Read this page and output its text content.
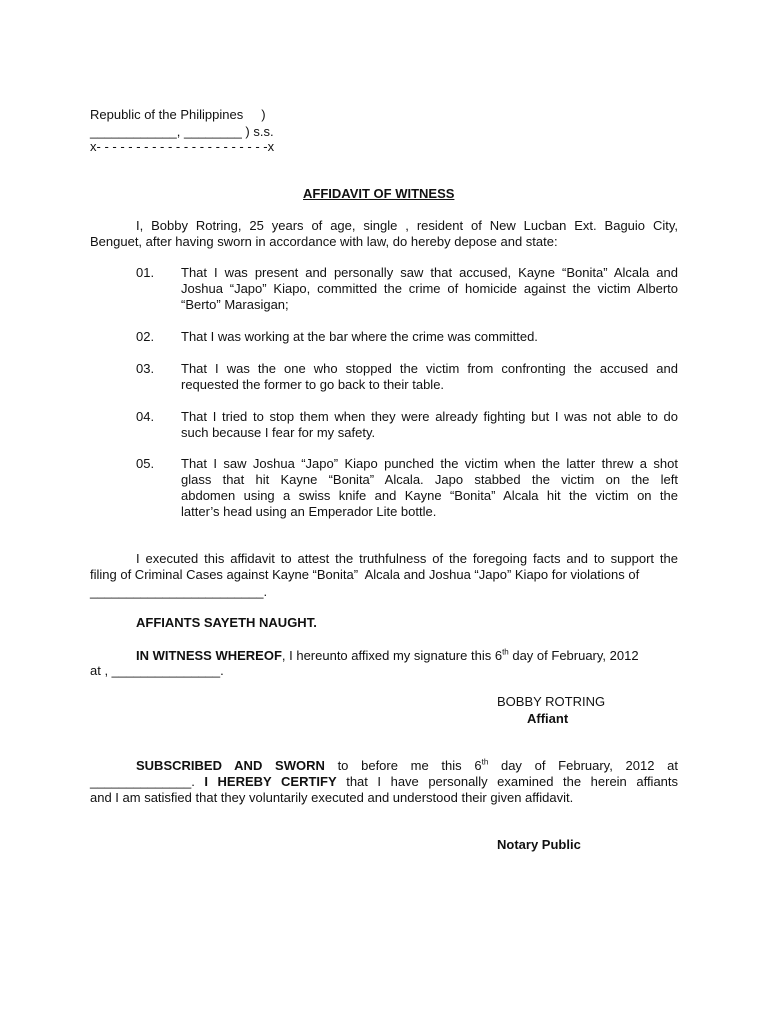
Republic of the Philippines     )
____________, ________ ) s.s.
x- - - - - - - - - - - - - - - - - - - - - -x
AFFIDAVIT OF WITNESS
I, Bobby Rotring, 25 years of age, single , resident of New Lucban Ext. Baguio City,
Benguet, after having sworn in accordance with law, do hereby depose and state:
01. That I was present and personally saw that accused, Kayne “Bonita” Alcala and
Joshua “Japo” Kiapo, committed the crime of homicide against the victim Alberto
“Berto” Marasigan;
02. That I was working at the bar where the crime was committed.
03. That I was the one who stopped the victim from confronting the accused and
requested the former to go back to their table.
04. That I tried to stop them when they were already fighting but I was not able to do
such because I fear for my safety.
05. That I saw Joshua “Japo” Kiapo punched the victim when the latter threw a shot
glass that hit Kayne “Bonita” Alcala. Japo stabbed the victim on the left
abdomen using a swiss knife and Kayne “Bonita” Alcala hit the victim on the
latter’s head using an Emperador Lite bottle.
I executed this affidavit to attest the truthfulness of the foregoing facts and to support the
filing of Criminal Cases against Kayne “Bonita”  Alcala and Joshua “Japo” Kiapo for violations of
________________________.
AFFIANTS SAYETH NAUGHT.
IN WITNESS WHEREOF, I hereunto affixed my signature this 6th day of February, 2012
at , _______________.
BOBBY ROTRING
Affiant
SUBSCRIBED AND SWORN to before me this 6th day of February, 2012 at
______________. I HEREBY CERTIFY that I have personally examined the herein affiants
and I am satisfied that they voluntarily executed and understood their given affidavit.
Notary Public
